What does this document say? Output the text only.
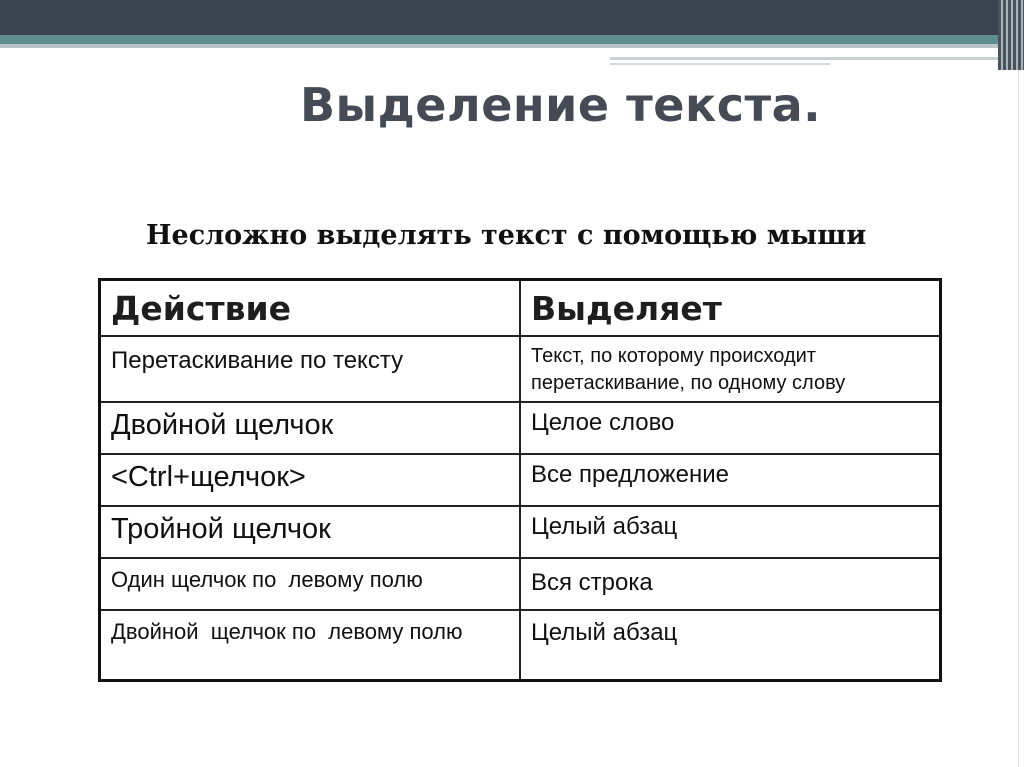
Выделение текста.
Несложно выделять текст с помощью мыши
Действие	Выделяет
Перетаскивание по тексту	Текст, по которому происходит перетаскивание, по одному слову
Двойной щелчок	Целое слово
<Ctrl+щелчок>	Все предложение
Тройной щелчок	Целый абзац
Один щелчок по  левому полю	Вся строка
Двойной  щелчок по  левому полю	Целый абзац
